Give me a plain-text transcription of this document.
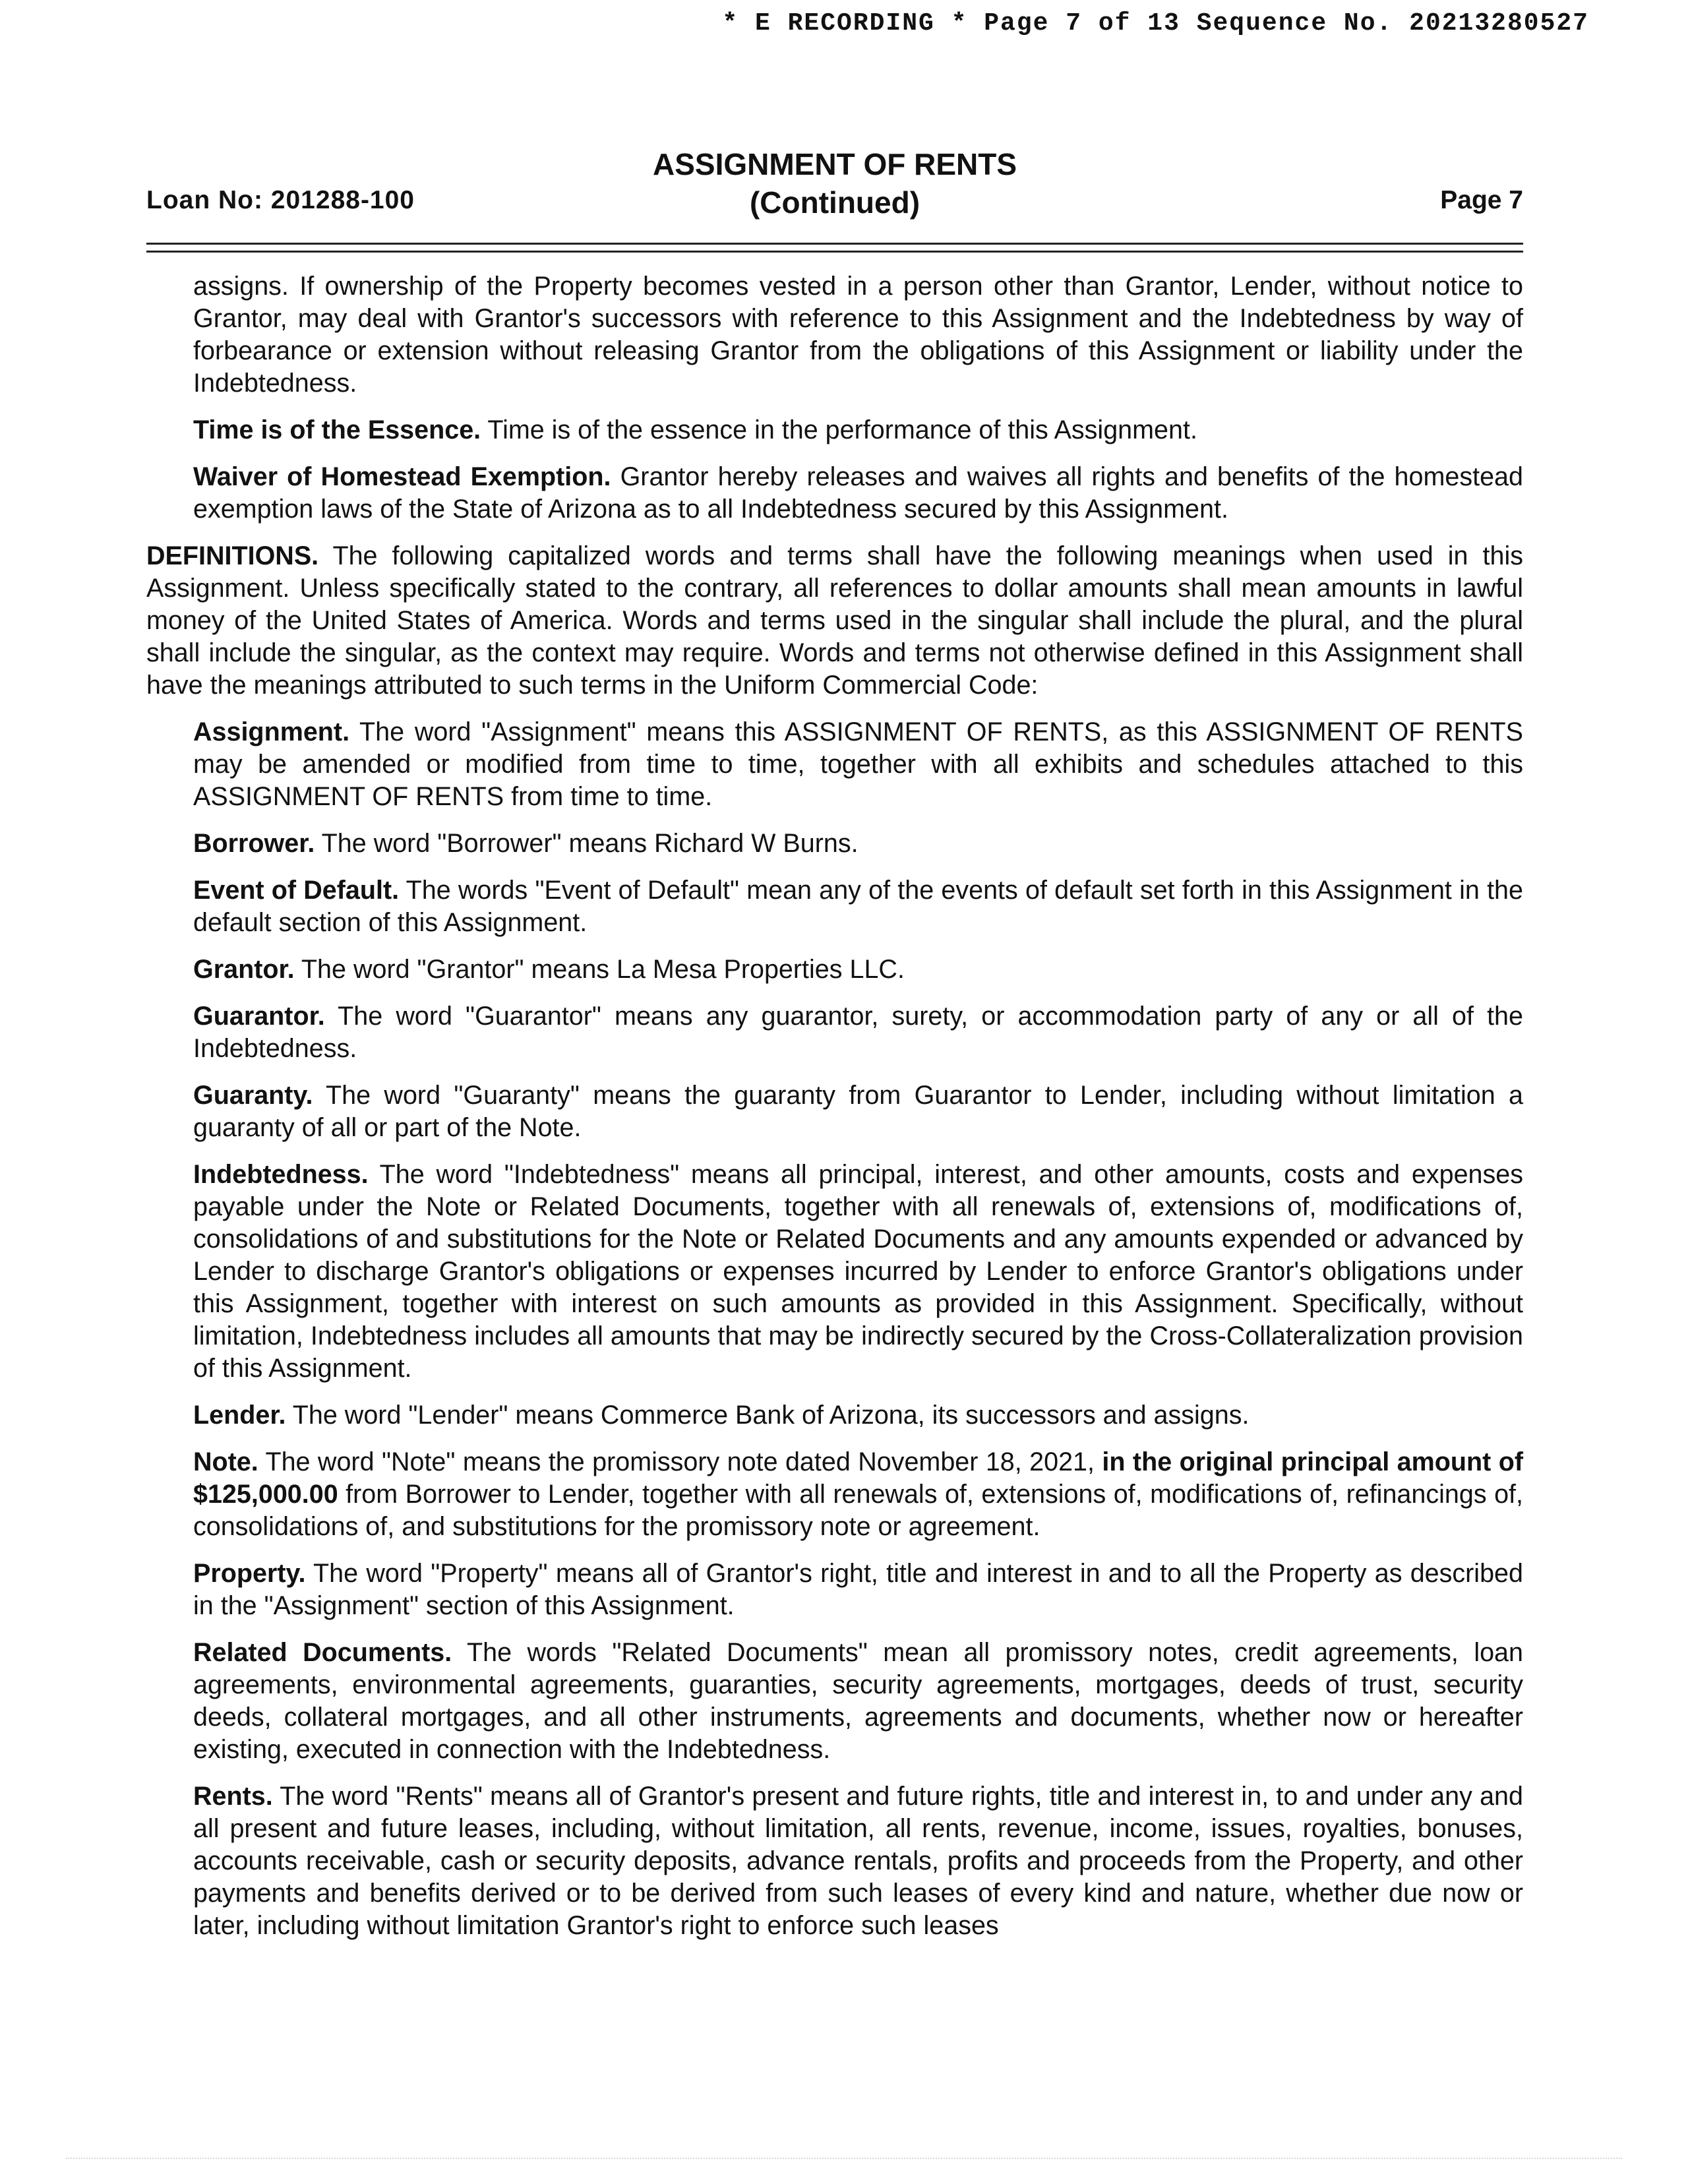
* E RECORDING * Page 7 of 13 Sequence No. 20213280527
Loan No: 201288-100
ASSIGNMENT OF RENTS
(Continued)	Page 7

assigns. If ownership of the Property becomes vested in a person other than Grantor, Lender, without notice to Grantor, may deal with Grantor's successors with reference to this Assignment and the Indebtedness by way of forbearance or extension without releasing Grantor from the obligations of this Assignment or liability under the Indebtedness.

Time is of the Essence. Time is of the essence in the performance of this Assignment.

Waiver of Homestead Exemption. Grantor hereby releases and waives all rights and benefits of the homestead exemption laws of the State of Arizona as to all Indebtedness secured by this Assignment.

DEFINITIONS. The following capitalized words and terms shall have the following meanings when used in this Assignment. Unless specifically stated to the contrary, all references to dollar amounts shall mean amounts in lawful money of the United States of America. Words and terms used in the singular shall include the plural, and the plural shall include the singular, as the context may require. Words and terms not otherwise defined in this Assignment shall have the meanings attributed to such terms in the Uniform Commercial Code:

Assignment. The word "Assignment" means this ASSIGNMENT OF RENTS, as this ASSIGNMENT OF RENTS may be amended or modified from time to time, together with all exhibits and schedules attached to this ASSIGNMENT OF RENTS from time to time.

Borrower. The word "Borrower" means Richard W Burns.

Event of Default. The words "Event of Default" mean any of the events of default set forth in this Assignment in the default section of this Assignment.

Grantor. The word "Grantor" means La Mesa Properties LLC.

Guarantor. The word "Guarantor" means any guarantor, surety, or accommodation party of any or all of the Indebtedness.

Guaranty. The word "Guaranty" means the guaranty from Guarantor to Lender, including without limitation a guaranty of all or part of the Note.

Indebtedness. The word "Indebtedness" means all principal, interest, and other amounts, costs and expenses payable under the Note or Related Documents, together with all renewals of, extensions of, modifications of, consolidations of and substitutions for the Note or Related Documents and any amounts expended or advanced by Lender to discharge Grantor's obligations or expenses incurred by Lender to enforce Grantor's obligations under this Assignment, together with interest on such amounts as provided in this Assignment. Specifically, without limitation, Indebtedness includes all amounts that may be indirectly secured by the Cross-Collateralization provision of this Assignment.

Lender. The word "Lender" means Commerce Bank of Arizona, its successors and assigns.

Note. The word "Note" means the promissory note dated November 18, 2021, in the original principal amount of $125,000.00 from Borrower to Lender, together with all renewals of, extensions of, modifications of, refinancings of, consolidations of, and substitutions for the promissory note or agreement.

Property. The word "Property" means all of Grantor's right, title and interest in and to all the Property as described in the "Assignment" section of this Assignment.

Related Documents. The words "Related Documents" mean all promissory notes, credit agreements, loan agreements, environmental agreements, guaranties, security agreements, mortgages, deeds of trust, security deeds, collateral mortgages, and all other instruments, agreements and documents, whether now or hereafter existing, executed in connection with the Indebtedness.

Rents. The word "Rents" means all of Grantor's present and future rights, title and interest in, to and under any and all present and future leases, including, without limitation, all rents, revenue, income, issues, royalties, bonuses, accounts receivable, cash or security deposits, advance rentals, profits and proceeds from the Property, and other payments and benefits derived or to be derived from such leases of every kind and nature, whether due now or later, including without limitation Grantor's right to enforce such leases
